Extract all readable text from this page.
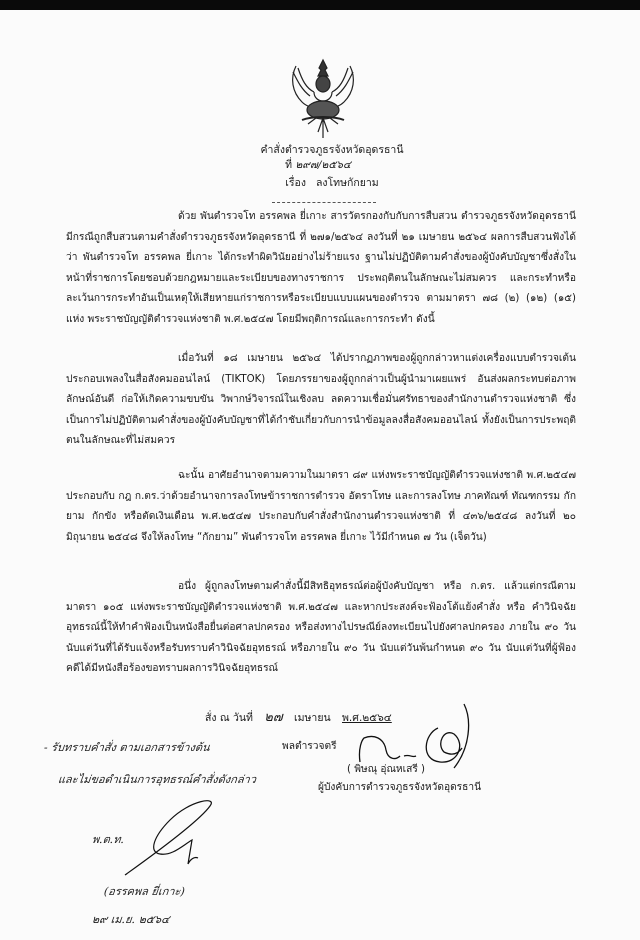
คำสั่งตำรวจภูธรจังหวัดอุดรธานี
ที่ ๒๙๗/๒๕๖๔
เรื่อง ลงโทษกักยาม
ด้วย พันตำรวจโท อรรคพล ยี่เกาะ สารวัตรกองกับกับการสืบสวน ตำรวจภูธรจังหวัดอุดรธานี มีกรณีถูกสืบสวนตามคำสั่งตำรวจภูธรจังหวัดอุดรธานี ที่ ๒๗๑/๒๕๖๔ ลงวันที่ ๒๑ เมษายน ๒๕๖๔ ผลการสืบสวนฟังได้ว่า พันตำรวจโท อรรคพล ยี่เกาะ ได้กระทำผิดวินัยอย่างไม่ร้ายแรง ฐานไม่ปฏิบัติตามคำสั่งของผู้บังคับบัญชาซึ่งสั่งในหน้าที่ราชการโดยชอบด้วยกฎหมายและระเบียบของทางราชการ ประพฤติตนในลักษณะไม่สมควร และกระทำหรือละเว้นการกระทำอันเป็นเหตุให้เสียหายแก่ราชการหรือระเบียบแบบแผนของตำรวจ ตามมาตรา ๗๘ (๒) (๑๒) (๑๕) แห่ง พระราชบัญญัติตำรวจแห่งชาติ พ.ศ.๒๕๔๗ โดยมีพฤติการณ์และการกระทำ ดังนี้
เมื่อวันที่ ๑๘ เมษายน ๒๕๖๔ ได้ปรากฏภาพของผู้ถูกกล่าวหาแต่งเครื่องแบบตำรวจเต้นประกอบเพลงในสื่อสังคมออนไลน์ (TIKTOK) โดยภรรยาของผู้ถูกกล่าวเป็นผู้นำมาเผยแพร่ อันส่งผลกระทบต่อภาพลักษณ์อันดี ก่อให้เกิดความขบขัน วิพากษ์วิจารณ์ในเชิงลบ ลดความเชื่อมั่นศรัทธาของสำนักงานตำรวจแห่งชาติ ซึ่งเป็นการไม่ปฏิบัติตามคำสั่งของผู้บังคับบัญชาที่ได้กำชับเกี่ยวกับการนำข้อมูลลงสื่อสังคมออนไลน์ ทั้งยังเป็นการประพฤติตนในลักษณะที่ไม่สมควร
ฉะนั้น อาศัยอำนาจตามความในมาตรา ๘๙ แห่งพระราชบัญญัติตำรวจแห่งชาติ พ.ศ.๒๕๔๗ ประกอบกับ กฎ ก.ตร.ว่าด้วยอำนาจการลงโทษข้าราชการตำรวจ อัตราโทษ และการลงโทษ ภาคทัณฑ์ ทัณฑกรรม กักยาม กักขัง หรือตัดเงินเดือน พ.ศ.๒๕๔๗ ประกอบกับคำสั่งสำนักงานตำรวจแห่งชาติ ที่ ๔๓๖/๒๕๔๘ ลงวันที่ ๒๐ มิถุนายน ๒๕๔๘ จึงให้ลงโทษ “กักยาม” พันตำรวจโท อรรคพล ยี่เกาะ ไว้มีกำหนด ๗ วัน (เจ็ดวัน)
อนึ่ง ผู้ถูกลงโทษตามคำสั่งนี้มีสิทธิอุทธรณ์ต่อผู้บังคับบัญชา หรือ ก.ตร. แล้วแต่กรณีตามมาตรา ๑๐๕ แห่งพระราชบัญญัติตำรวจแห่งชาติ พ.ศ.๒๕๔๗ และหากประสงค์จะฟ้องโต้แย้งคำสั่ง หรือ คำวินิจฉัยอุทธรณ์นี้ให้ทำคำฟ้องเป็นหนังสือยื่นต่อศาลปกครอง หรือส่งทางไปรษณีย์ลงทะเบียนไปยังศาลปกครอง ภายใน ๙๐ วัน นับแต่วันที่ได้รับแจ้งหรือรับทราบคำวินิจฉัยอุทธรณ์ หรือภายใน ๙๐ วัน นับแต่วันพ้นกำหนด ๙๐ วัน นับแต่วันที่ผู้ฟ้องคดีได้มีหนังสือร้องขอทราบผลการวินิจฉัยอุทธรณ์
สั่ง ณ วันที่ ๒๗ เมษายน พ.ศ.๒๕๖๔
พลตำรวจตรี
( พิษณุ อุ่ณหเสรี )
ผู้บังคับการตำรวจภูธรจังหวัดอุดรธานี
- รับทราบคำสั่ง ตามเอกสารข้างต้น
และไม่ขอดำเนินการอุทธรณ์คำสั่งดังกล่าว
พ.ต.ท.
(อรรคพล ยี่เกาะ)
๒๙ เม.ย. ๒๕๖๔
